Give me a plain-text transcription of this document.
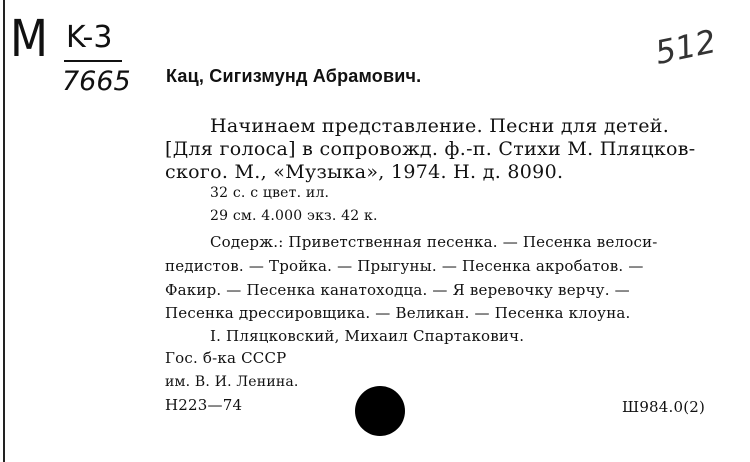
M K-3
7665
512
Кац, Сигизмунд Абрамович.
Начинаем представление. Песни для детей.
[Для голоса] в сопровожд. ф.-п. Стихи М. Пляцков-
ского. М., «Музыка», 1974. Н. д. 8090.
32 с. с цвет. ил.
29 см. 4.000 экз. 42 к.
Содерж.: Приветственная песенка. — Песенка велоси-
педистов. — Тройка. — Прыгуны. — Песенка акробатов. —
Факир. — Песенка канатоходца. — Я веревочку верчу. —
Песенка дрессировщика. — Великан. — Песенка клоуна.
I. Пляцковский, Михаил Спартакович.
Гос. б-ка СССР
им. В. И. Ленина.
Н223—74	Ш984.0(2)
